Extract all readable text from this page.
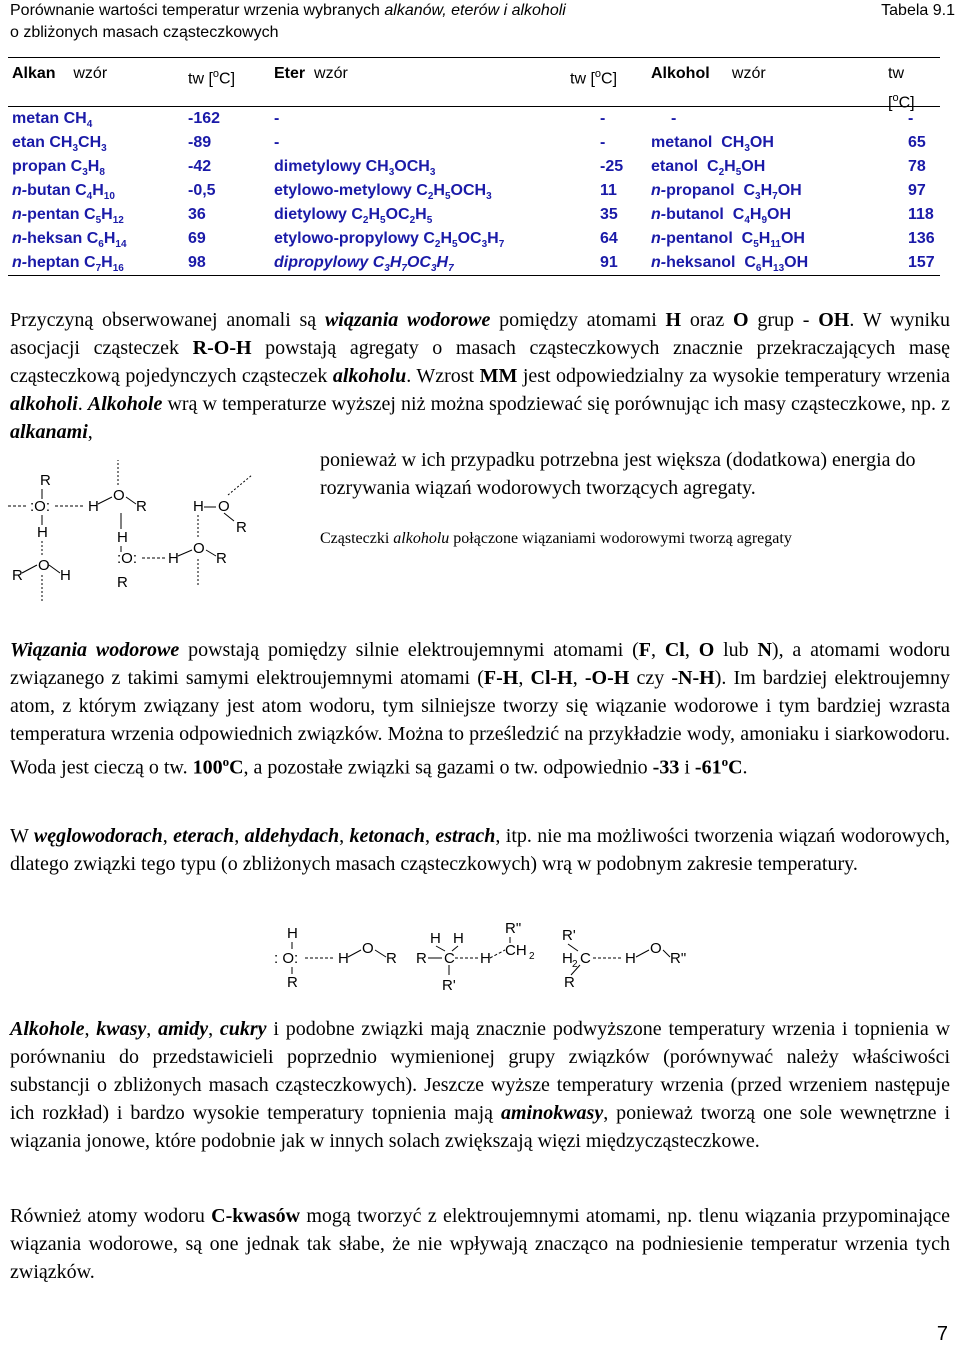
Porównanie wartości temperatur wrzenia wybranych alkanów, eterów i alkoholi
o zbliżonych masach cząsteczkowych
Tabela 9.1
Alkan wzór	tw [$^o$C] Eter wzór	tw [$^o$C] Alkohol wzór	tw
[$^o$C]
metan $CH_4$	-162	-	-	-	-
etan $CH_3CH_3$	-89	-	-	metanol $CH_3OH$	65
propan $C_3H_8$	-42	dimetylowy $CH_3OCH_3$	-25 etanol $C_2H_5OH$	78
n-butan $C_4H_{10}$	-0,5	etylowo-metylowy $C_2H_5OCH_3$	11 n-propanol $C_3H_7OH$	97
n-pentan $C_5H_{12}$	36	dietylowy $C_2H_5OC_2H_5$	35 n-butanol $C_4H_9OH$	118
n-heksan $C_6H_{14}$	69	etylowo-propylowy $C_2H_5OC_3H_7$	64 n-pentanol $C_5H_{11}OH$	136
n-heptan $C_7H_{16}$	98	dipropylowy $C_3H_7OC_3H_7$	91 n-heksanol $C_6H_{13}OH$	157
Przyczyną obserwowanej anomali są wiązania wodorowe pomiędzy atomami H oraz O grup - OH. W wyniku asocjacji cząsteczek R-O-H powstają agregaty o masach cząsteczkowych znacznie przekraczających masę cząsteczkową pojedynczych cząsteczek alkoholu. Wzrost MM jest odpowiedzialny za wysokie temperatury wrzenia alkoholi. Alkohole wrą w temperaturze wyższej niż można spodziewać się porównując ich masy cząsteczkowe, np. z alkanami,
ponieważ w ich przypadku potrzebna jest większa (dodatkowa) energia do rozrywania wiązań wodorowych tworzących agregaty.
R
:O:
H
R
O
H
H
O
R
H
:O:
R
H
O
R
H O
R
Cząsteczki alkoholu połączone wiązaniami wodorowymi tworzą agregaty
Wiązania wodorowe powstają pomiędzy silnie elektroujemnymi atomami (F, Cl, O lub N), a atomami wodoru związanego z takimi samymi elektroujemnymi atomami (F-H, Cl-H, -O-H czy -N-H). Im bardziej elektroujemny atom, z którym związany jest atom wodoru, tym silniejsze tworzy się wiązanie wodorowe i tym bardziej wzrasta temperatura wrzenia odpowiednich związków. Można to prześledzić na przykładzie wody, amoniaku i siarkowodoru. Woda jest cieczą o tw. 100$^o$C, a pozostałe związki są gazami o tw. odpowiednio -33 i -61$^o$C.
W węglowodorach, eterach, aldehydach, ketonach, estrach, itp. nie ma możliwości tworzenia wiązań wodorowych, dlatego związki tego typu (o zbliżonych masach cząsteczkowych) wrą w podobnym zakresie temperatury.
H
: O:
R
H
O
R
H H
R C H
R'
R"
CH 2
R'
H 2 C
R
H
O
R"
Alkohole, kwasy, amidy, cukry i podobne związki mają znacznie podwyższone temperatury wrzenia i topnienia w porównaniu do przedstawicieli poprzednio wymienionej grupy związków (porównywać należy właściwości substancji o zbliżonych masach cząsteczkowych). Jeszcze wyższe temperatury wrzenia (przed wrzeniem następuje ich rozkład) i bardzo wysokie temperatury topnienia mają aminokwasy, ponieważ tworzą one sole wewnętrzne i wiązania jonowe, które podobnie jak w innych solach zwiększają więzi międzycząsteczkowe.
Również atomy wodoru C-kwasów mogą tworzyć z elektroujemnymi atomami, np. tlenu wiązania przypominające wiązania wodorowe, są one jednak tak słabe, że nie wpływają znacząco na podniesienie temperatur wrzenia tych związków.
7
